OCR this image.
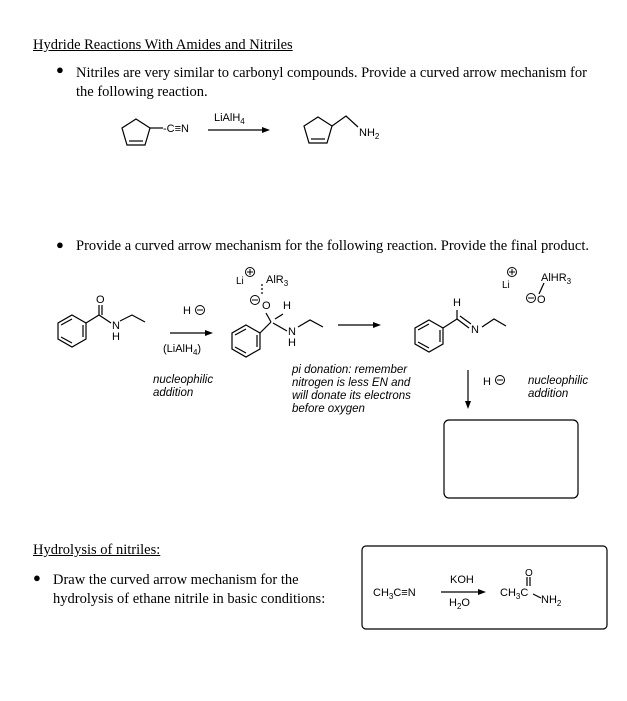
Hydride Reactions With Amides and Nitriles
● Nitriles are very similar to carbonyl compounds. Provide a curved arrow mechanism for
the following reaction.
LiAlH$_4$
-C≡N	$NH_2$
O
N
H
H
(LiAlH$_4$)
Li AlR$_3$
O H
N
H
H
N
Li
AlHR$_3$
O
H
$CH_3C\equiv N$
KOH
$H_2O$
O
$CH_3C$
$NH_2$
● Provide a curved arrow mechanism for the following reaction. Provide the final product.
nucleophilic
addition
pi donation: remember
nitrogen is less EN and
will donate its electrons
before oxygen
nucleophilic
addition
Hydrolysis of nitriles:
● Draw the curved arrow mechanism for the
hydrolysis of ethane nitrile in basic conditions:
